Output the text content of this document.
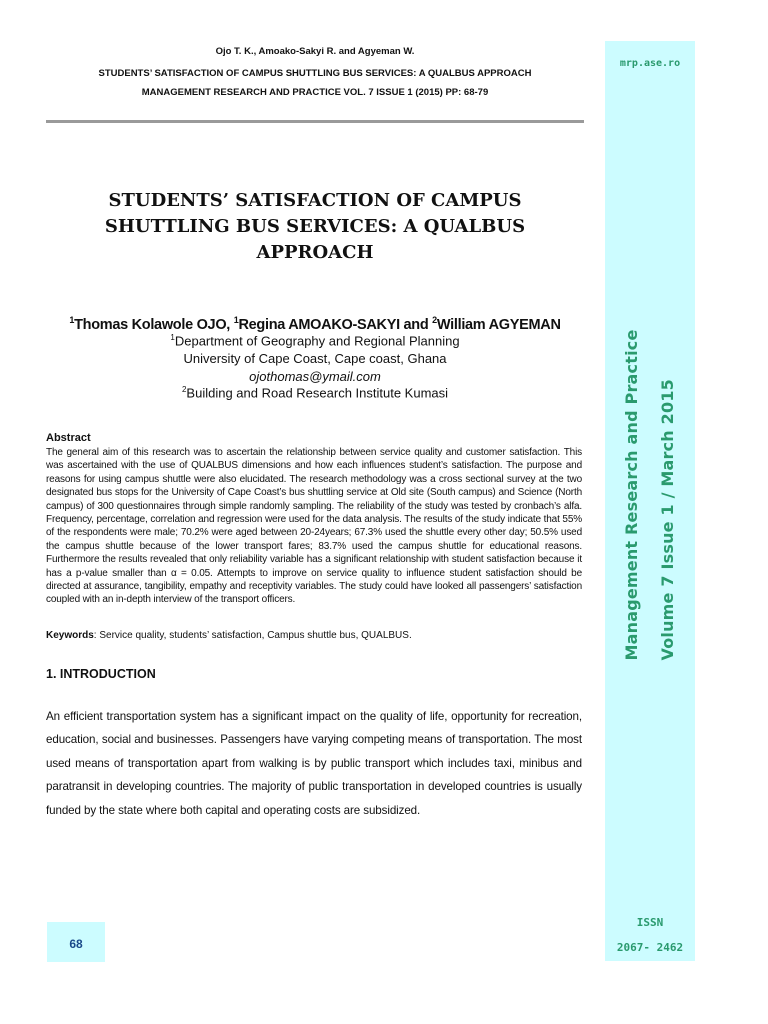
Ojo T. K., Amoako-Sakyi R. and Agyeman W.
STUDENTS’ SATISFACTION OF CAMPUS SHUTTLING BUS SERVICES: A QUALBUS APPROACH
MANAGEMENT RESEARCH AND PRACTICE VOL. 7 ISSUE 1 (2015) PP: 68-79
mrp.ase.ro
Management Research and Practice	Volume 7 Issue 1 / March 2015
ISSN
2067- 2462
STUDENTS’ SATISFACTION OF CAMPUS SHUTTLING BUS SERVICES: A QUALBUS APPROACH
$^1$Thomas Kolawole OJO, $^1$Regina AMOAKO-SAKYI and $^2$William AGYEMAN
$^1$Department of Geography and Regional Planning
University of Cape Coast, Cape coast, Ghana
ojothomas@ymail.com
$^2$Building and Road Research Institute Kumasi
Abstract
The general aim of this research was to ascertain the relationship between service quality and customer satisfaction. This was ascertained with the use of QUALBUS dimensions and how each influences student’s satisfaction. The purpose and reasons for using campus shuttle were also elucidated. The research methodology was a cross sectional survey at the two designated bus stops for the University of Cape Coast’s bus shuttling service at Old site (South campus) and Science (North campus) of 300 questionnaires through simple randomly sampling. The reliability of the study was tested by cronbach’s alfa. Frequency, percentage, correlation and regression were used for the data analysis. The results of the study indicate that 55% of the respondents were male; 70.2% were aged between 20-24years; 67.3% used the shuttle every other day; 50.5% used the campus shuttle because of the lower transport fares; 83.7% used the campus shuttle for educational reasons. Furthermore the results revealed that only reliability variable has a significant relationship with student satisfaction because it has a p-value smaller than α = 0.05. Attempts to improve on service quality to influence student satisfaction should be directed at assurance, tangibility, empathy and receptivity variables. The study could have looked all passengers’ satisfaction coupled with an in-depth interview of the transport officers.
Keywords: Service quality, students’ satisfaction, Campus shuttle bus, QUALBUS.
1. INTRODUCTION
An efficient transportation system has a significant impact on the quality of life, opportunity for recreation, education, social and businesses. Passengers have varying competing means of transportation. The most used means of transportation apart from walking is by public transport which includes taxi, minibus and paratransit in developing countries. The majority of public transportation in developed countries is usually funded by the state where both capital and operating costs are subsidized.
68
